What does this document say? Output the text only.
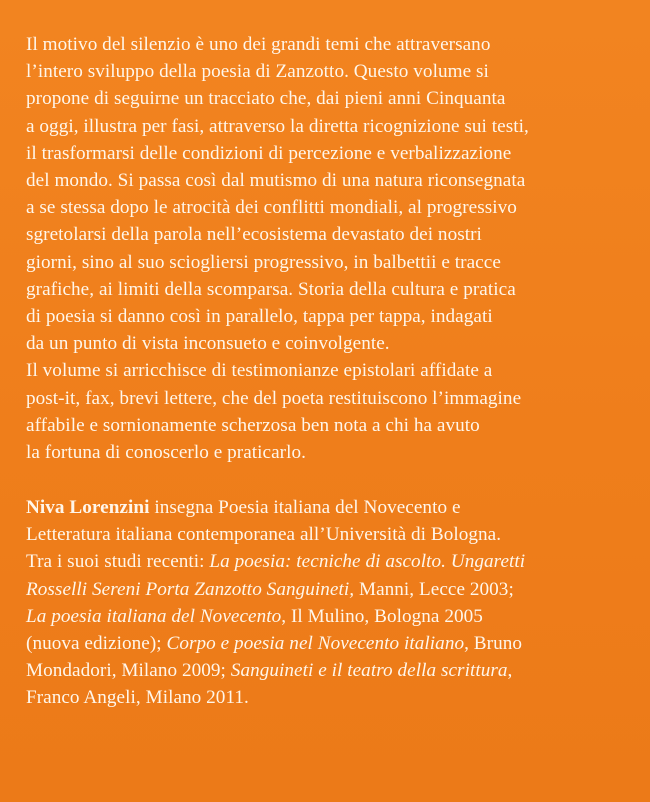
Il motivo del silenzio è uno dei grandi temi che attraversano
l’intero sviluppo della poesia di Zanzotto. Questo volume si
propone di seguirne un tracciato che, dai pieni anni Cinquanta
a oggi, illustra per fasi, attraverso la diretta ricognizione sui testi,
il trasformarsi delle condizioni di percezione e verbalizzazione
del mondo. Si passa così dal mutismo di una natura riconsegnata
a se stessa dopo le atrocità dei conflitti mondiali, al progressivo
sgretolarsi della parola nell’ecosistema devastato dei nostri
giorni, sino al suo sciogliersi progressivo, in balbettii e tracce
grafiche, ai limiti della scomparsa. Storia della cultura e pratica
di poesia si danno così in parallelo, tappa per tappa, indagati
da un punto di vista inconsueto e coinvolgente.
Il volume si arricchisce di testimonianze epistolari affidate a
post-it, fax, brevi lettere, che del poeta restituiscono l’immagine
affabile e sornionamente scherzosa ben nota a chi ha avuto
la fortuna di conoscerlo e praticarlo.

Niva Lorenzini insegna Poesia italiana del Novecento e
Letteratura italiana contemporanea all’Università di Bologna.
Tra i suoi studi recenti: La poesia: tecniche di ascolto. Ungaretti
Rosselli Sereni Porta Zanzotto Sanguineti, Manni, Lecce 2003;
La poesia italiana del Novecento, Il Mulino, Bologna 2005
(nuova edizione); Corpo e poesia nel Novecento italiano, Bruno
Mondadori, Milano 2009; Sanguineti e il teatro della scrittura,
Franco Angeli, Milano 2011.
